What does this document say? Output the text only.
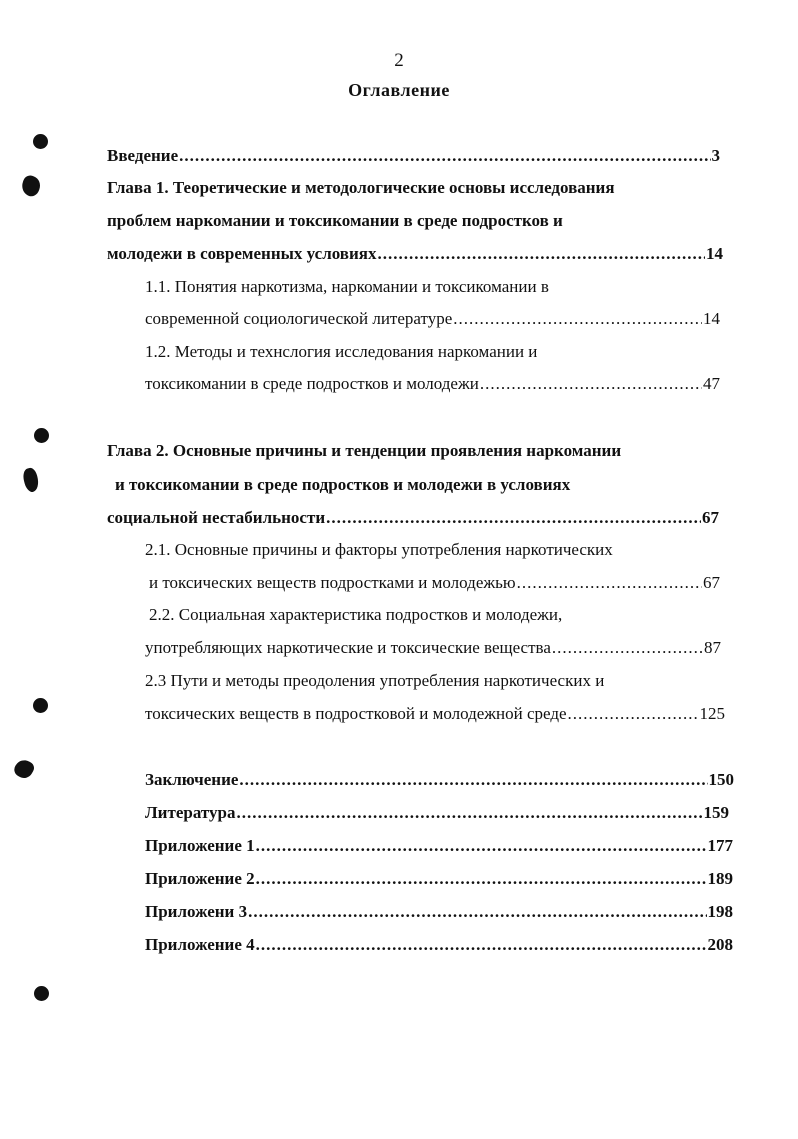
2
Оглавление
Введение .....	3
Глава 1. Теоретические и методологические основы исследования
проблем наркомании и токсикомании в среде подростков и
молодежи в современных условиях .....	14
1.1. Понятия наркотизма, наркомании и токсикомании в
современной социологической литературе .....	14
1.2. Методы и технслогия исследования наркомании и
токсикомании в среде подростков и молодежи .....	47
Глава 2. Основные причины и тенденции проявления наркомании
и токсикомании в среде подростков и молодежи в условиях
социальной нестабильности .....	67
2.1. Основные причины и факторы употребления наркотических
и токсических веществ подростками и молодежью .....	67
2.2. Социальная характеристика подростков и молодежи,
употребляющих наркотические и токсические вещества .....	87
2.3 Пути и методы преодоления употребления наркотических и
токсических веществ в подростковой и молодежной среде .....	125
Заключение .....	150
Литература .....	159
Приложение 1 .....	177
Приложение 2 .....	189
Приложени 3 .....	198
Приложение 4 .....	208
